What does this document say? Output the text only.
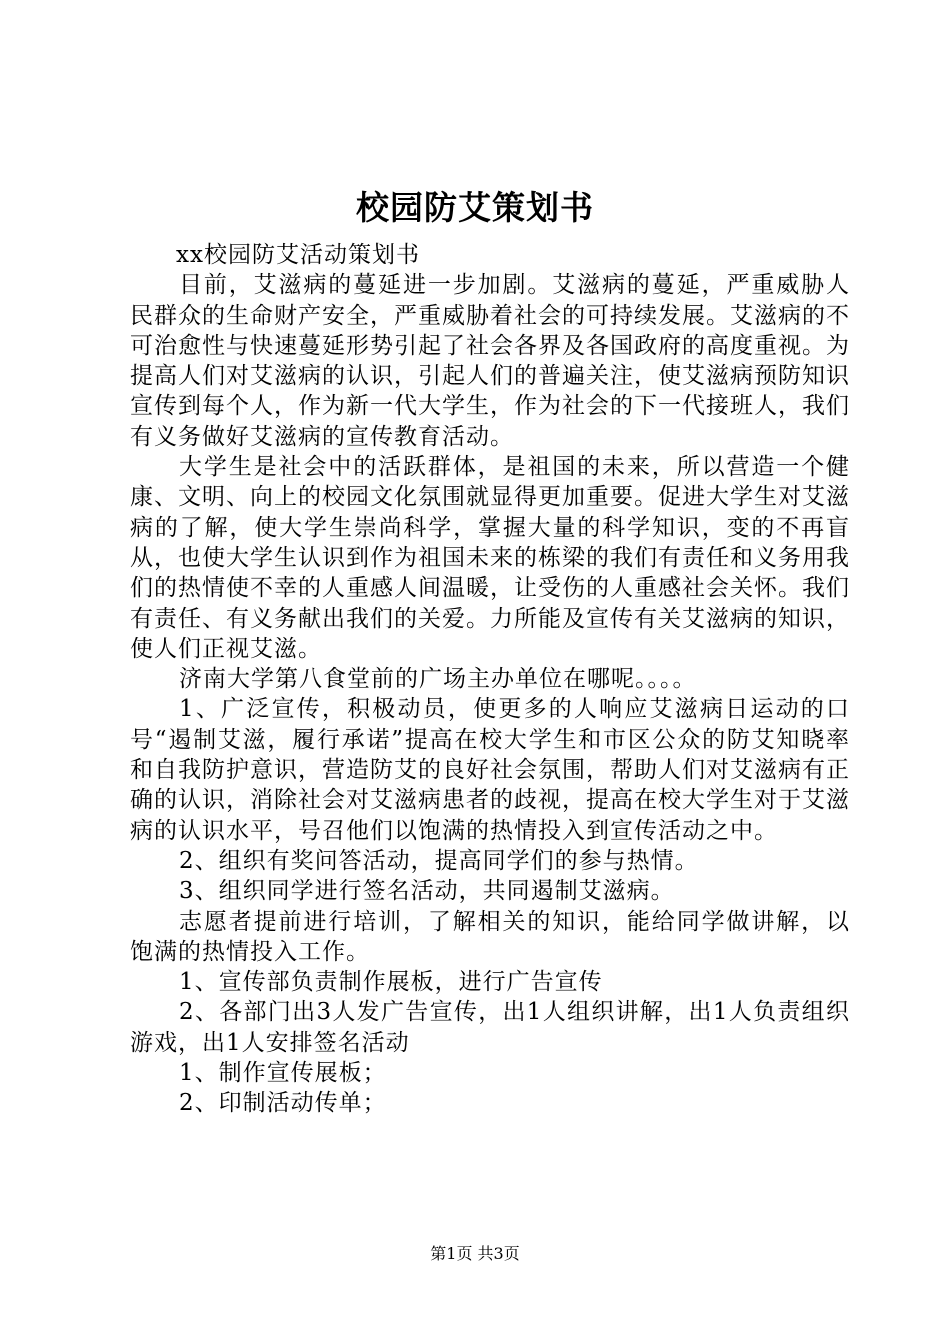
校园防艾策划书

xx校园防艾活动策划书

目前，艾滋病的蔓延进一步加剧。艾滋病的蔓延，严重威胁人民群众的生命财产安全，严重威胁着社会的可持续发展。艾滋病的不可治愈性与快速蔓延形势引起了社会各界及各国政府的高度重视。为提高人们对艾滋病的认识，引起人们的普遍关注，使艾滋病预防知识宣传到每个人，作为新一代大学生，作为社会的下一代接班人，我们有义务做好艾滋病的宣传教育活动。

大学生是社会中的活跃群体，是祖国的未来，所以营造一个健康、文明、向上的校园文化氛围就显得更加重要。促进大学生对艾滋病的了解，使大学生崇尚科学，掌握大量的科学知识，变的不再盲从，也使大学生认识到作为祖国未来的栋梁的我们有责任和义务用我们的热情使不幸的人重感人间温暖，让受伤的人重感社会关怀。我们有责任、有义务献出我们的关爱。力所能及宣传有关艾滋病的知识，使人们正视艾滋。

济南大学第八食堂前的广场主办单位在哪呢。。。。

1、广泛宣传，积极动员，使更多的人响应艾滋病日运动的口号“遏制艾滋，履行承诺”提高在校大学生和市区公众的防艾知晓率和自我防护意识，营造防艾的良好社会氛围，帮助人们对艾滋病有正确的认识，消除社会对艾滋病患者的歧视，提高在校大学生对于艾滋病的认识水平，号召他们以饱满的热情投入到宣传活动之中。

2、组织有奖问答活动，提高同学们的参与热情。

3、组织同学进行签名活动，共同遏制艾滋病。

志愿者提前进行培训，了解相关的知识，能给同学做讲解，以饱满的热情投入工作。

1、宣传部负责制作展板，进行广告宣传

2、各部门出3人发广告宣传，出1人组织讲解，出1人负责组织游戏，出1人安排签名活动

1、制作宣传展板；

2、印制活动传单；

第1页 共3页
